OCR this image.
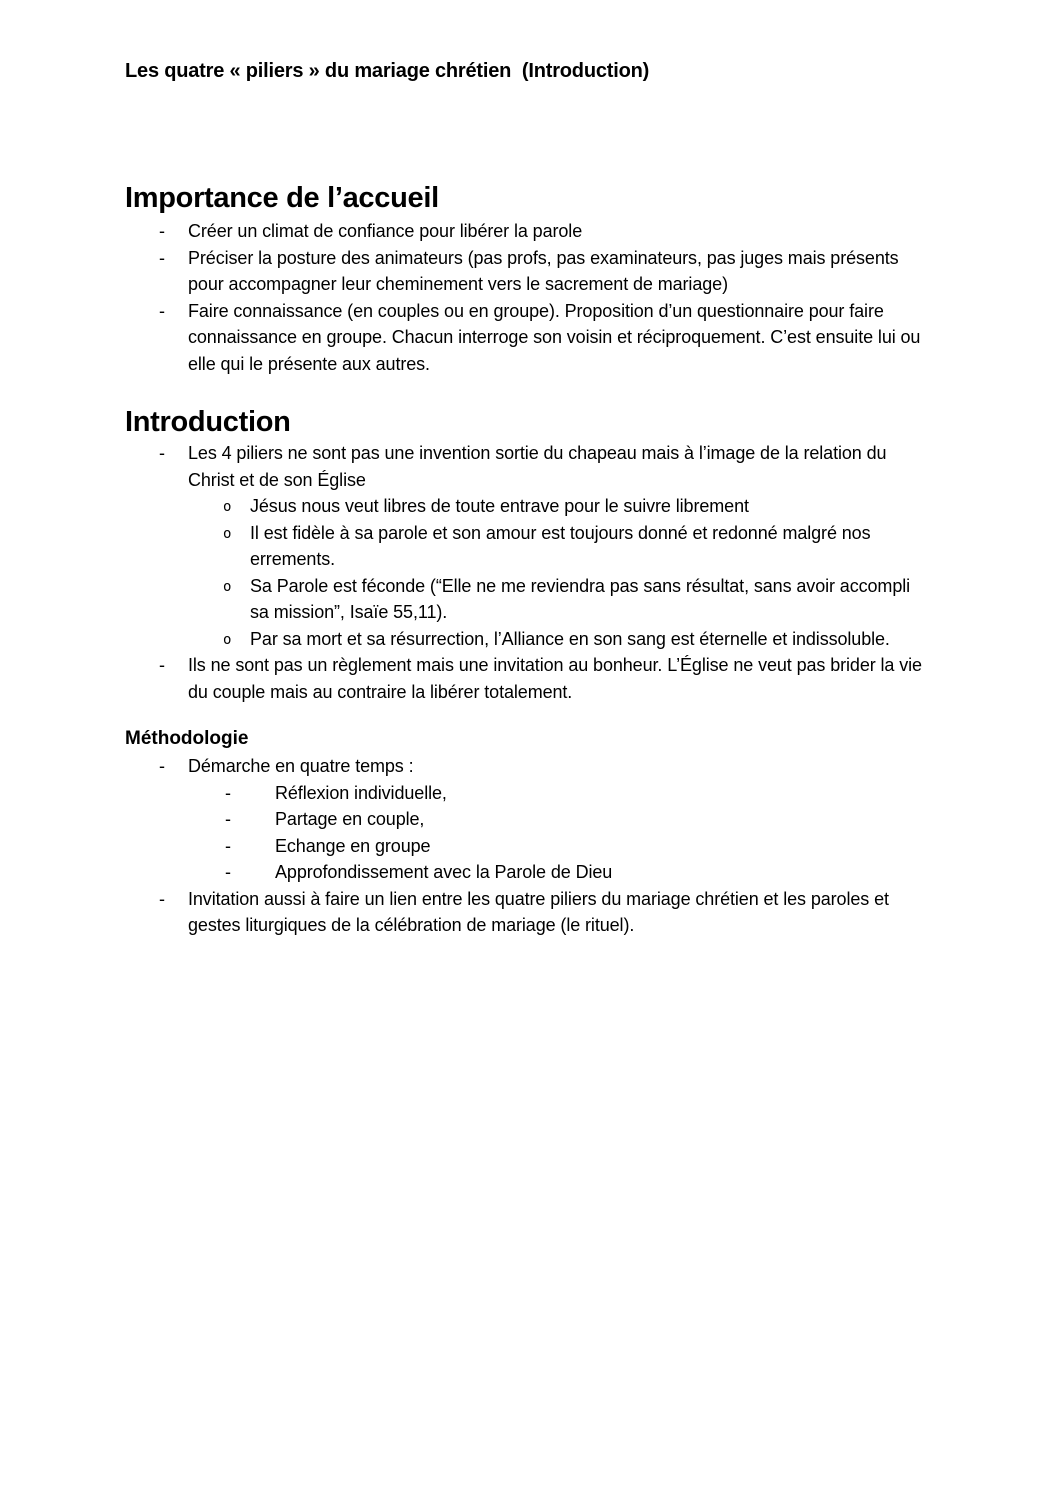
Les quatre « piliers » du mariage chrétien  (Introduction)
Importance de l’accueil
- Créer un climat de confiance pour libérer la parole
- Préciser la posture des animateurs (pas profs, pas examinateurs, pas juges mais présents pour accompagner leur cheminement vers le sacrement de mariage)
- Faire connaissance (en couples ou en groupe). Proposition d’un questionnaire pour faire connaissance en groupe. Chacun interroge son voisin et réciproquement. C’est ensuite lui ou elle qui le présente aux autres.
Introduction
- Les 4 piliers ne sont pas une invention sortie du chapeau mais à l’image de la relation du Christ et de son Église
o Jésus nous veut libres de toute entrave pour le suivre librement
o Il est fidèle à sa parole et son amour est toujours donné et redonné malgré nos errements.
o Sa Parole est féconde (“Elle ne me reviendra pas sans résultat, sans avoir accompli sa mission”, Isaïe 55,11).
o Par sa mort et sa résurrection, l’Alliance en son sang est éternelle et indissoluble.
- Ils ne sont pas un règlement mais une invitation au bonheur. L’Église ne veut pas brider la vie du couple mais au contraire la libérer totalement.
Méthodologie
- Démarche en quatre temps :
- Réflexion individuelle,
- Partage en couple,
- Echange en groupe
- Approfondissement avec la Parole de Dieu
- Invitation aussi à faire un lien entre les quatre piliers du mariage chrétien et les paroles et gestes liturgiques de la célébration de mariage (le rituel).
